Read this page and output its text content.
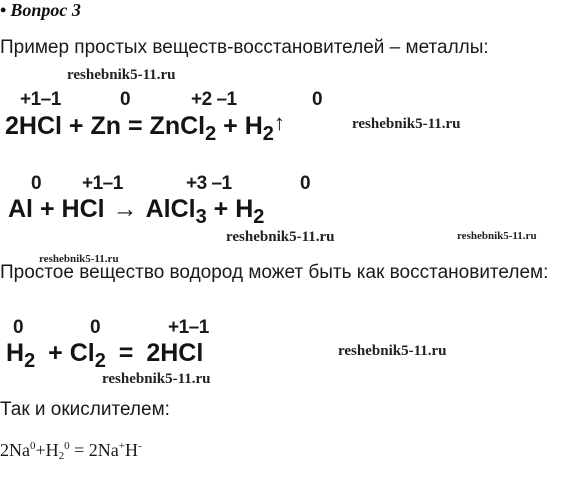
• Вопрос 3
Пример простых веществ-восстановителей – металлы:
reshebnik5-11.ru
+1–1	0	+2 –1	0
2HCl + Zn = ZnCl$_2$ + $H_2↑$	reshebnik5-11.ru
0 +1–1	+3 –1	0
Al + HCl → AlCl$_3$ + $H_2$
reshebnik5-11.ru	reshebnik5-11.ru
reshebnik5-11.ru
Простое вещество водород может быть как восстановителем:
0	0	+1–1
$H_2 + Cl_2 = 2HCl$	reshebnik5-11.ru
reshebnik5-11.ru
Так и окислителем:
$2Na^0+H_2^0 = 2Na^+H^-$
